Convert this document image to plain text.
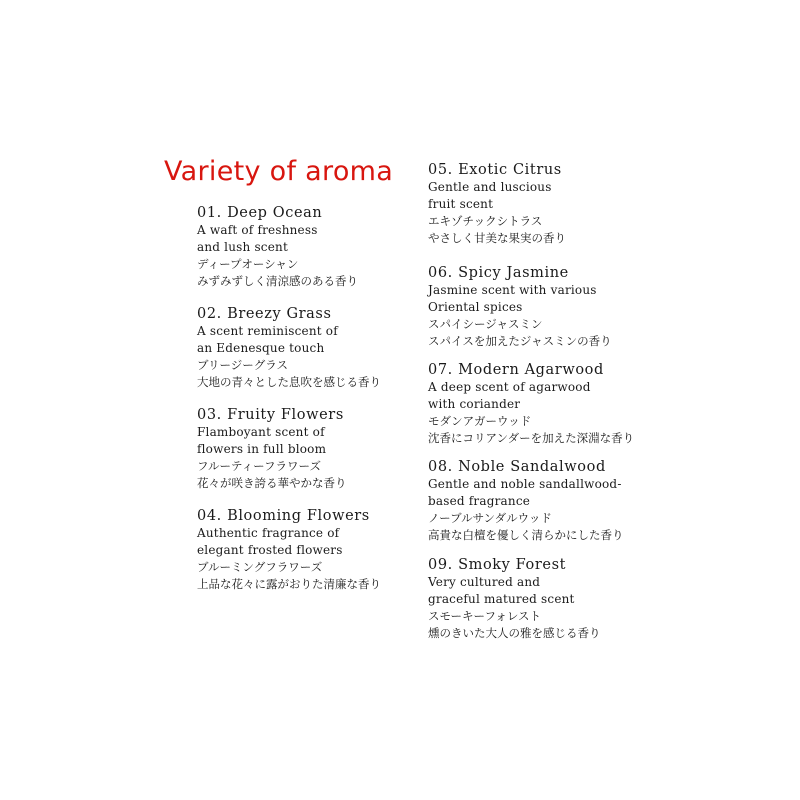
Variety of aroma
01. Deep Ocean
A waft of freshness
and lush scent
ディープオーシャン
みずみずしく清涼感のある香り
02. Breezy Grass
A scent reminiscent of
an Edenesque touch
ブリージーグラス
大地の青々とした息吹を感じる香り
03. Fruity Flowers
Flamboyant scent of
flowers in full bloom
フルーティーフラワーズ
花々が咲き誇る華やかな香り
04. Blooming Flowers
Authentic fragrance of
elegant frosted flowers
ブルーミングフラワーズ
上品な花々に露がおりた清廉な香り
05. Exotic Citrus
Gentle and luscious
fruit scent
エキゾチックシトラス
やさしく甘美な果実の香り
06. Spicy Jasmine
Jasmine scent with various
Oriental spices
スパイシージャスミン
スパイスを加えたジャスミンの香り
07. Modern Agarwood
A deep scent of agarwood
with coriander
モダンアガーウッド
沈香にコリアンダーを加えた深淵な香り
08. Noble Sandalwood
Gentle and noble sandallwood-
based fragrance
ノーブルサンダルウッド
高貴な白檀を優しく清らかにした香り
09. Smoky Forest
Very cultured and
graceful matured scent
スモーキーフォレスト
燻のきいた大人の雅を感じる香り
